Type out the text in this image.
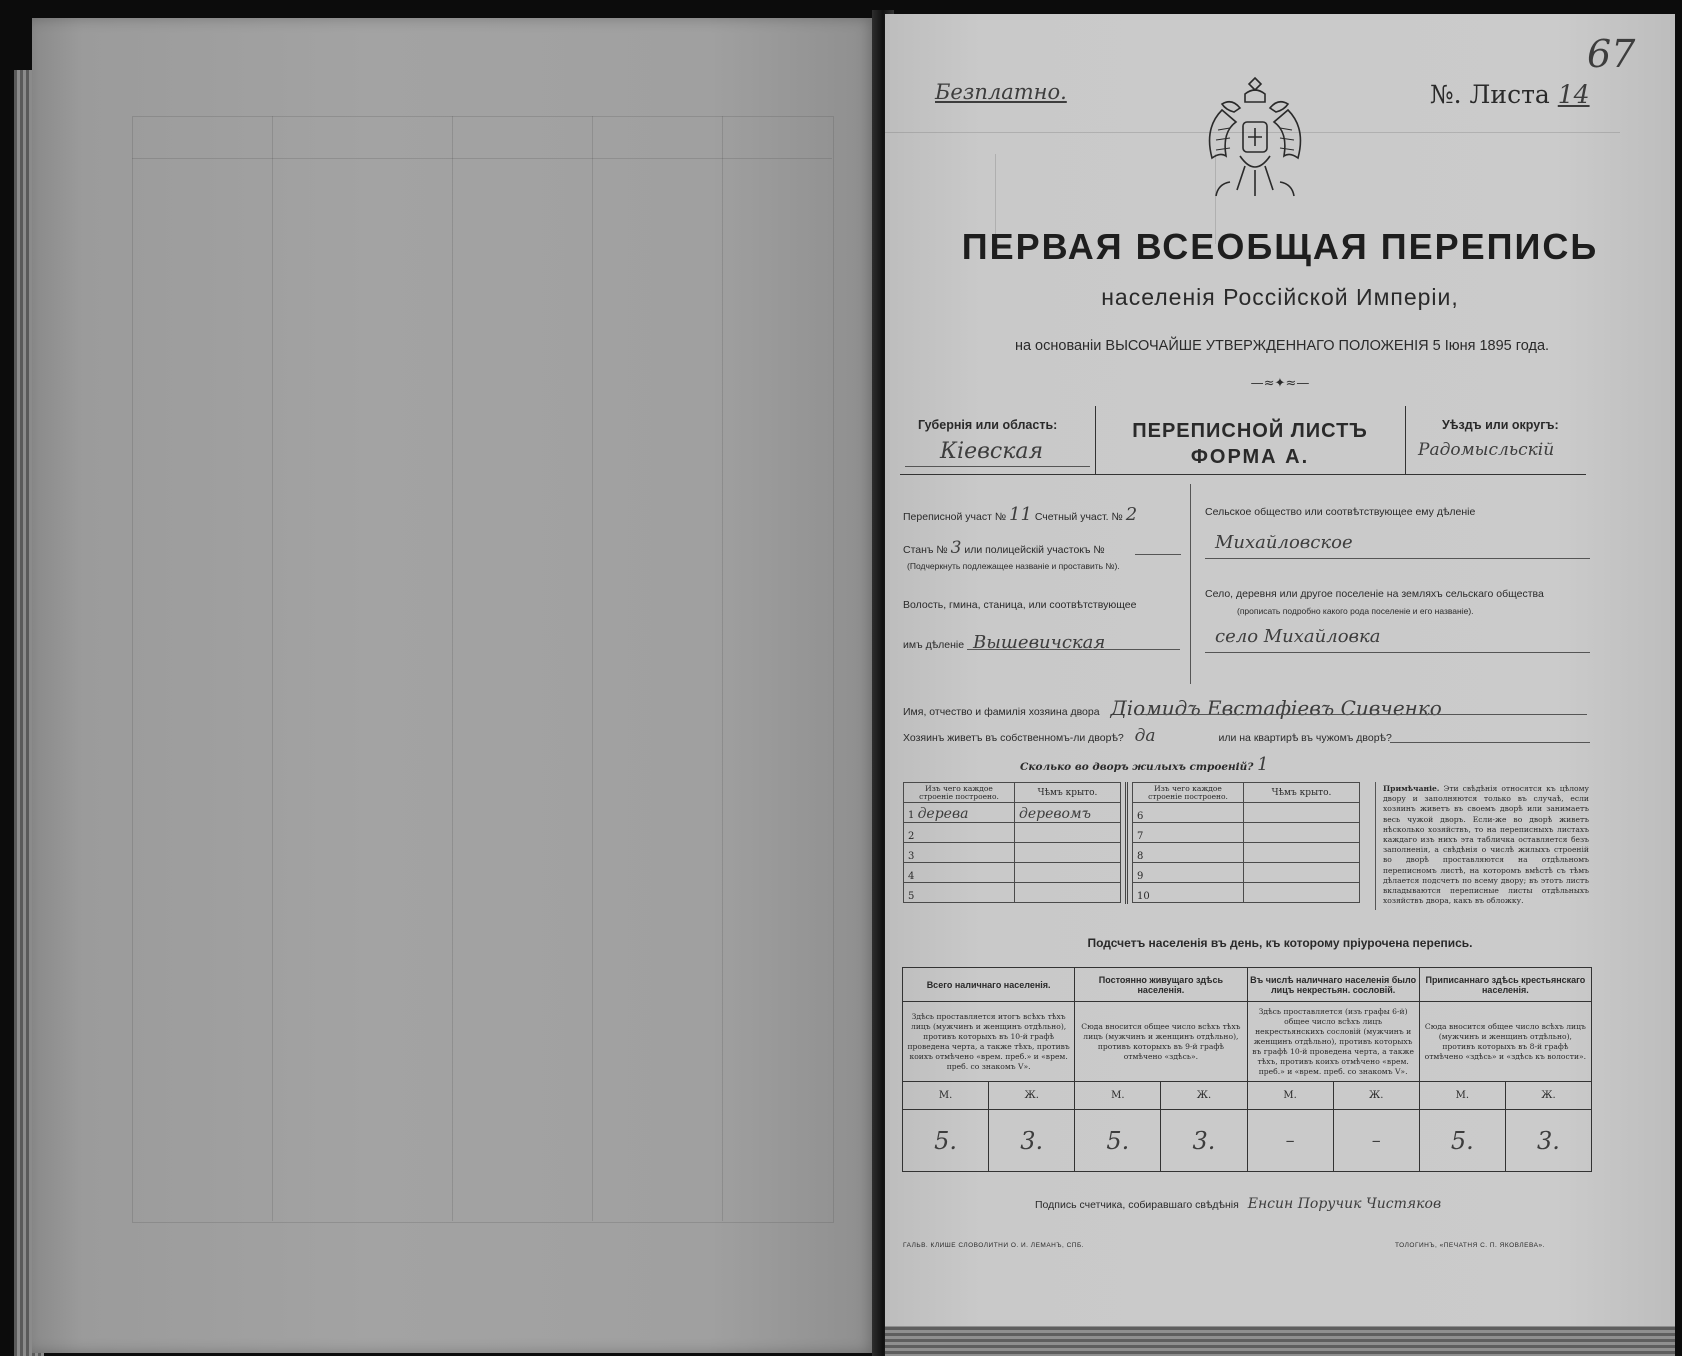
Безплатно.	№. Листа 14
67
ПЕРВАЯ ВСЕОБЩАЯ ПЕРЕПИСЬ
населенія Россійской Имперіи,
на основаніи ВЫСОЧАЙШЕ УТВЕРЖДЕННАГО ПОЛОЖЕНІЯ 5 Іюня 1895 года.
—≈✦≈—
Губернія или область:
Кіевская
ПЕРЕПИСНОЙ ЛИСТЪ
ФОРМА А.
Уѣздъ или округъ:
Радомысльскій
Переписной участ № 11 Счетный участ. № 2
Станъ № 3 или полицейскій участокъ №
(Подчеркнуть подлежащее названіе и проставить №).
Волость, гмина, станица, или соотвѣтствующее
имъ дѣленіе Вышевичская
Сельское общество или соотвѣтствующее ему дѣленіе
Михайловское
Село, деревня или другое поселеніе на земляхъ сельскаго общества
(прописать подробно какого рода поселеніе и его названіе).
село Михайловка
Имя, отчество и фамилія хозяина двора Діомидъ Евстафіевъ Сивченко
Хозяинъ живетъ въ собственномъ-ли дворѣ? да	или на квартирѣ въ чужомъ дворѣ?
Сколько во дворъ жилыхъ строеній? 1
Изъ чего каждое строеніе построено.	Чѣмъ крыто.
1 дерева	деревомъ
2	
3	
4	
5	
Изъ чего каждое строеніе построено.	Чѣмъ крыто.
6	
7	
8	
9	
10	
Примѣчаніе. Эти свѣдѣнія относятся къ цѣлому двору и заполняются только въ случаѣ, если хозяинъ живетъ въ своемъ дворѣ или занимаетъ весь чужой дворъ. Если-же во дворѣ живетъ нѣсколько хозяйствъ, то на переписныхъ листахъ каждаго изъ нихъ эта табличка оставляется безъ заполненія, а свѣдѣнія о числѣ жилыхъ строеній во дворѣ проставляются на отдѣльномъ переписномъ листѣ, на которомъ вмѣстѣ съ тѣмъ дѣлается подсчетъ по всему двору; въ этотъ листъ вкладываются переписные листы отдѣльныхъ хозяйствъ двора, какъ въ обложку.
Подсчетъ населенія въ день, къ которому пріурочена перепись.
Всего наличнаго населенія.		Постоянно живущаго здѣсь населенія.		Въ числѣ наличнаго населенія было лицъ некрестьян. сословій.		Приписаннаго здѣсь крестьянскаго населенія.	
Здѣсь проставляется итогъ всѣхъ тѣхъ лицъ (мужчинъ и женщинъ отдѣльно), противъ которыхъ въ 10-й графѣ проведена черта, а также тѣхъ, противъ коихъ отмѣчено «врем. преб.» и «врем. преб. со знакомъ V».		Сюда вносится общее число всѣхъ тѣхъ лицъ (мужчинъ и женщинъ отдѣльно), противъ которыхъ въ 9-й графѣ отмѣчено «здѣсь».		Здѣсь проставляется (изъ графы 6-й) общее число всѣхъ лицъ некрестьянскихъ сословій (мужчинъ и женщинъ отдѣльно), противъ которыхъ въ графѣ 10-й проведена черта, а также тѣхъ, противъ коихъ отмѣчено «врем. преб.» и «врем. преб. со знакомъ V».		Сюда вносится общее число всѣхъ лицъ (мужчинъ и женщинъ отдѣльно), противъ которыхъ въ 8-й графѣ отмѣчено «здѣсь» и «здѣсь къ волости».	
М.	Ж.	М.	Ж.	М.	Ж.	М.	Ж.
5.	3.	5.	3.	–	–	5.	3.
Подпись счетчика, собиравшаго свѣдѣнія Енсин Поручик Чистяков
ГАЛЬВ. КЛИШЕ СЛОВОЛИТНИ О. И. ЛЕМАНЪ, СПБ.	ТОЛОГИНЪ, «ПЕЧАТНЯ С. П. ЯКОВЛЕВА».
